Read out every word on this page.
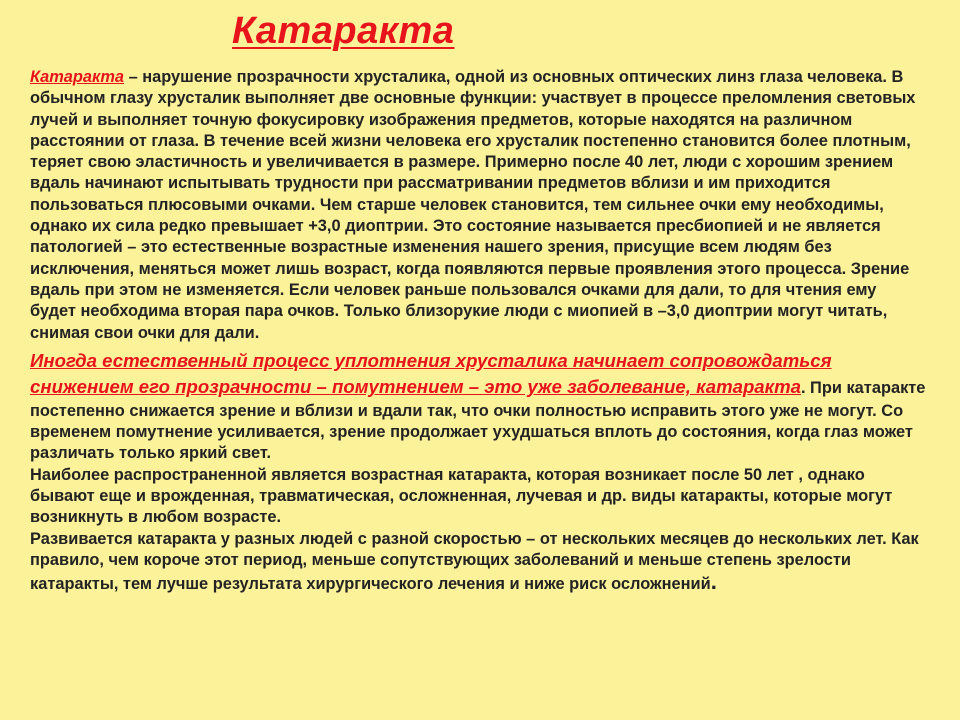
Катаракта

Катаракта – нарушение прозрачности хрусталика, одной из основных оптических линз глаза человека. В обычном глазу хрусталик выполняет две основные функции: участвует в процессе преломления световых лучей и выполняет точную фокусировку изображения предметов, которые находятся на различном расстоянии от глаза. В течение всей жизни человека его хрусталик постепенно становится более плотным, теряет свою эластичность и увеличивается в размере. Примерно после 40 лет, люди с хорошим зрением вдаль начинают испытывать трудности при рассматривании предметов вблизи и им приходится пользоваться плюсовыми очками. Чем старше человек становится, тем сильнее очки ему необходимы, однако их сила редко превышает +3,0 диоптрии. Это состояние называется пресбиопией и не является патологией – это естественные возрастные изменения нашего зрения, присущие всем людям без исключения, меняться может лишь возраст, когда появляются первые проявления этого процесса. Зрение вдаль при этом не изменяется. Если человек раньше пользовался очками для дали, то для чтения ему будет необходима вторая пара очков. Только близорукие люди с миопией в –3,0 диоптрии могут читать, снимая свои очки для дали.

Иногда естественный процесс уплотнения хрусталика начинает сопровождаться снижением его прозрачности – помутнением – это уже заболевание, катаракта. При катаракте постепенно снижается зрение и вблизи и вдали так, что очки полностью исправить этого уже не могут. Со временем помутнение усиливается, зрение продолжает ухудшаться вплоть до состояния, когда глаз может различать только яркий свет.

Наиболее распространенной является возрастная катаракта, которая возникает после 50 лет , однако бывают еще и врожденная, травматическая, осложненная, лучевая и др. виды катаракты, которые могут возникнуть в любом возрасте.

Развивается катаракта у разных людей с разной скоростью – от нескольких месяцев до нескольких лет. Как правило, чем короче этот период, меньше сопутствующих заболеваний и меньше степень зрелости катаракты, тем лучше результата хирургического лечения и ниже риск осложнений.
